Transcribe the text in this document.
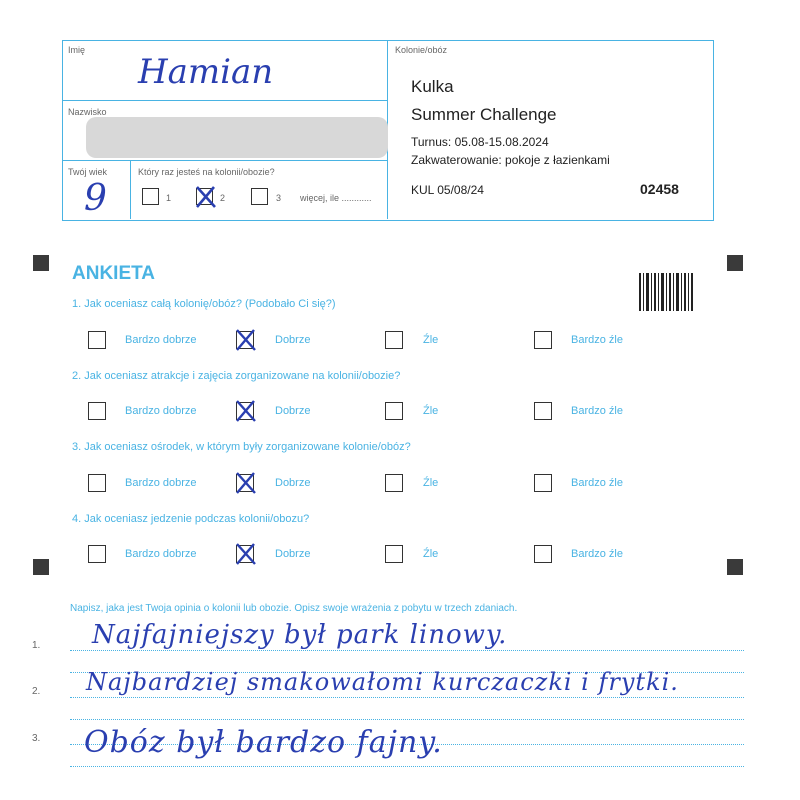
Imię
Hamian
Nazwisko
Twój wiek
9
Który raz jesteś na kolonii/obozie?
1	2	3 więcej, ile ............
Kolonie/obóz
Kulka
Summer Challenge
Turnus: 05.08-15.08.2024
Zakwaterowanie: pokoje z łazienkami
KUL 05/08/24	02458
ANKIETA
1. Jak oceniasz całą kolonię/obóz? (Podobało Ci się?)
Bardzo dobrze	Dobrze	Źle	Bardzo źle
2. Jak oceniasz atrakcje i zajęcia zorganizowane na kolonii/obozie?
Bardzo dobrze	Dobrze	Źle	Bardzo źle
3. Jak oceniasz ośrodek, w którym były zorganizowane kolonie/obóz?
Bardzo dobrze	Dobrze	Źle	Bardzo źle
4. Jak oceniasz jedzenie podczas kolonii/obozu?
Bardzo dobrze	Dobrze	Źle	Bardzo źle
Napisz, jaka jest Twoja opinia o kolonii lub obozie. Opisz swoje wrażenia z pobytu w trzech zdaniach.
1.
2.
3.
Najfajniejszy był park linowy.
Najbardziej smakowałomi kurczaczki i frytki.
Obóz był bardzo fajny.
